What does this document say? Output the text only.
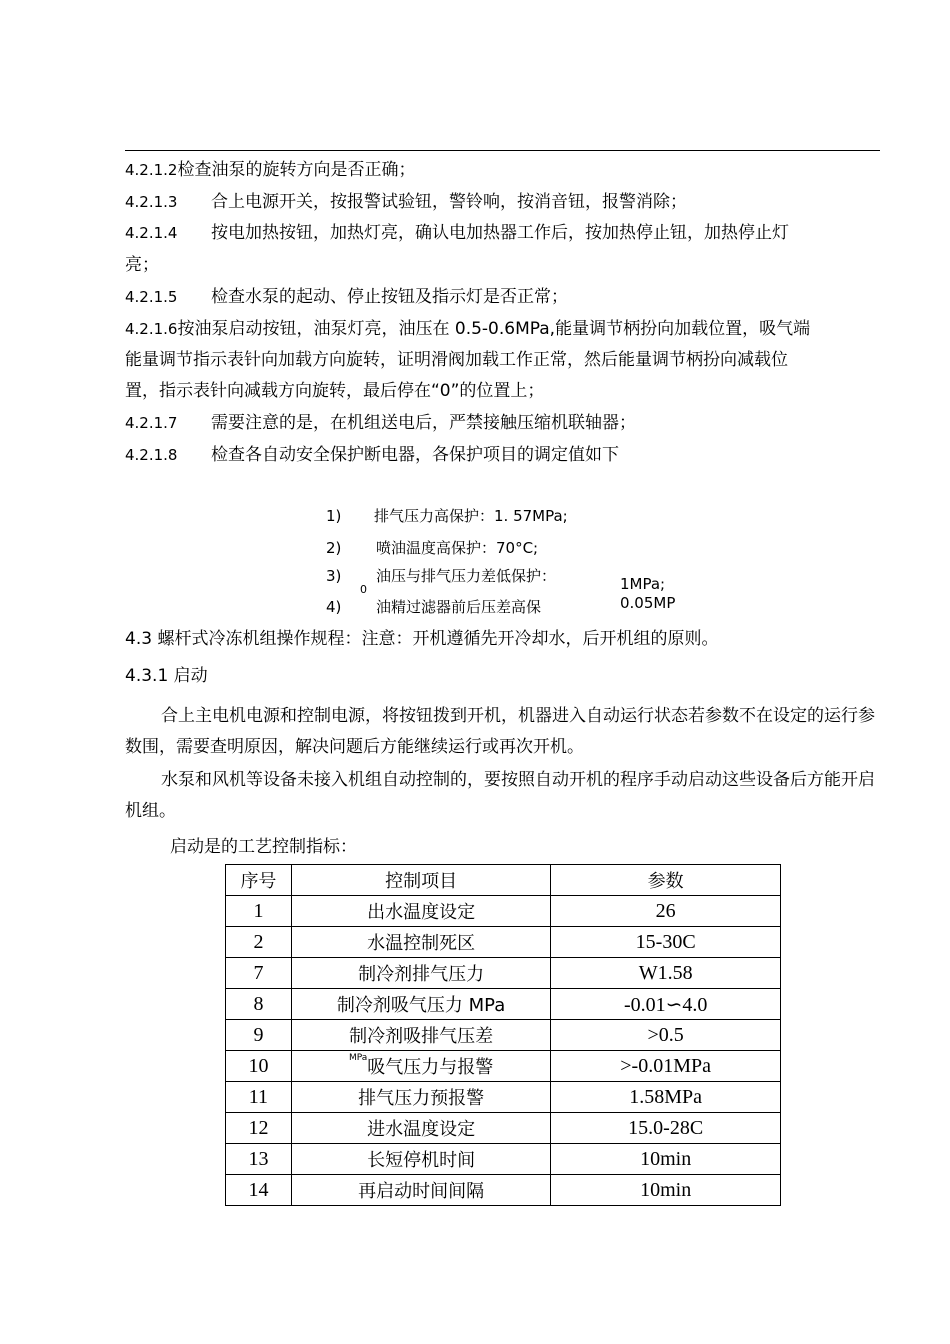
4.2.1.2检查油泵的旋转方向是否正确；
4.2.1.3 合上电源开关，按报警试验钮，警铃响，按消音钮，报警消除；
4.2.1.4 按电加热按钮，加热灯亮，确认电加热器工作后，按加热停止钮，加热停止灯
亮；
4.2.1.5 检查水泵的起动、停止按钮及指示灯是否正常；
4.2.1.6按油泵启动按钮，油泵灯亮，油压在 0.5-0.6MPa,能量调节柄扮向加载位置，吸气端
能量调节指示表针向加载方向旋转，证明滑阀加载工作正常，然后能量调节柄扮向减载位
置，指示表针向减载方向旋转，最后停在“0”的位置上；
4.2.1.7 需要注意的是，在机组送电后，严禁接触压缩机联轴器；
4.2.1.8 检查各自动安全保护断电器，各保护项目的调定值如下
1) 排气压力高保护：1. 57MPa;
2) 喷油温度高保护：70°C;
0
3) 油压与排气压力差低保护：	1MPa;
4) 油精过滤器前后压差高保	0.05MP
4.3 螺杆式冷冻机组操作规程：注意：开机遵循先开冷却水，后开机组的原则。
4.3.1 启动
合上主电机电源和控制电源，将按钮拨到开机，机器进入自动运行状态若参数不在设定的运行参数围，需要查明原因，解决问题后方能继续运行或再次开机。
水泵和风机等设备未接入机组自动控制的，要按照自动开机的程序手动启动这些设备后方能开启机组。
启动是的工艺控制指标：
序号	控制项目	参数
1	出水温度设定	26
2	水温控制死区	15-30C
7	制冷剂排气压力	W1.58
8	制冷剂吸气压力 MPa	-0.01∽4.0
9	制冷剂吸排气压差	>0.5
10	$^{MPa}$吸气压力与报警	>-0.01MPa
11	排气压力预报警	1.58MPa
12	进水温度设定	15.0-28C
13	长短停机时间	10min
14	再启动时间间隔	10min
